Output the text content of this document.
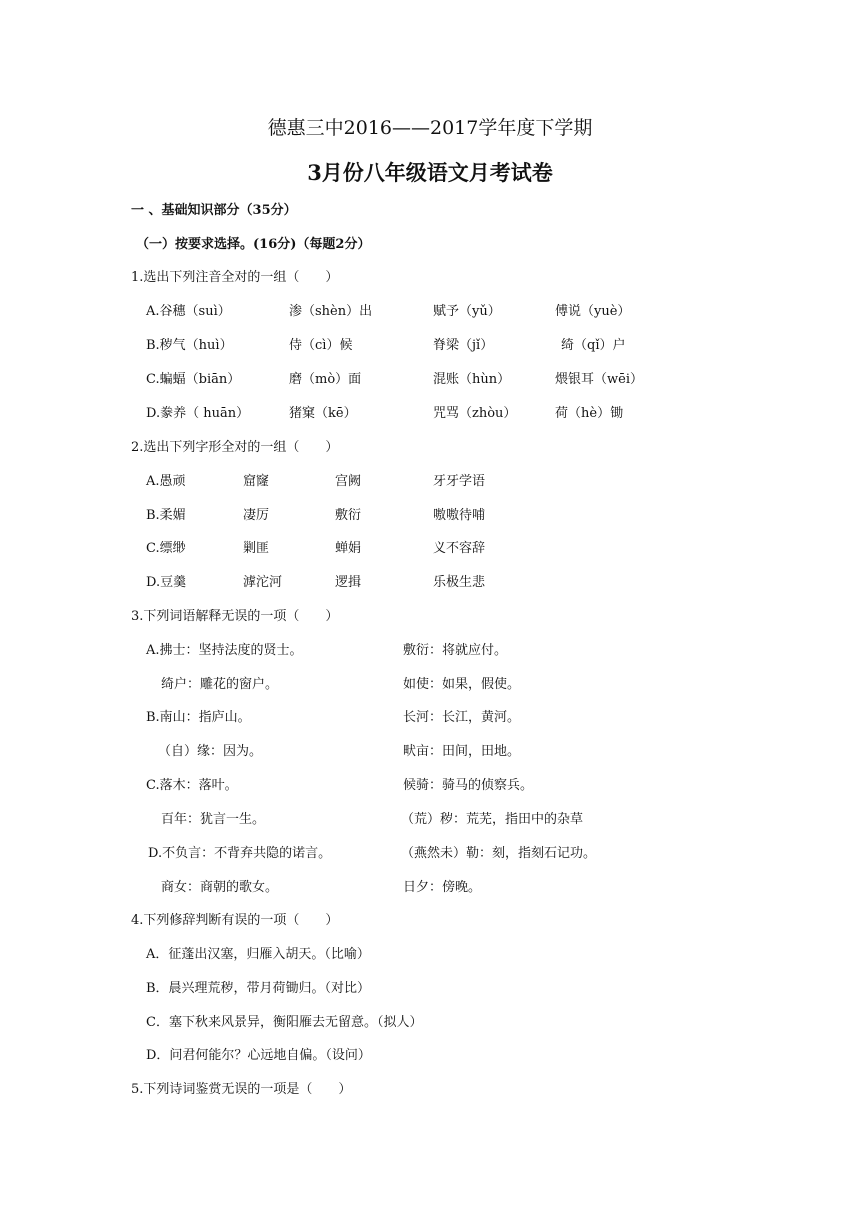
德惠三中2016——2017学年度下学期
3月份八年级语文月考试卷
一 、基础知识部分（35分）
（一）按要求选择。(16分)（每题2分）
1.选出下列注音全对的一组（　　）
A.谷穗（suì）	渗（shèn）出	赋予（yǔ）	傅说（yuè）
B.秽气（huì）	侍（cì）候	脊梁（jǐ）	绮（qǐ）户
C.蝙蝠（biān）	磨（mò）面	混账（hùn）	煨银耳（wēi）
D.豢养（ huān）	猪窠（kē）	咒骂（zhòu）	荷（hè）锄
2.选出下列字形全对的一组（　　）
A.愚顽	窟窿	宫阙	牙牙学语
B.柔媚	凄厉	敷衍	嗷嗷待哺
C.缥缈	剿匪	蝉娟	义不容辞
D.豆羹	滹沱河	逻揖	乐极生悲
3.下列词语解释无误的一项（　　）
A.拂士：坚持法度的贤士。	敷衍：将就应付。
绮户：雕花的窗户。	如使：如果，假使。
B.南山：指庐山。	长河：长江，黄河。
（自）缘：因为。	畎亩：田间，田地。
C.落木：落叶。	候骑：骑马的侦察兵。
百年：犹言一生。	（荒）秽：荒芜，指田中的杂草
D.不负言：不背弃共隐的诺言。	（燕然未）勒：刻，指刻石记功。
商女：商朝的歌女。	日夕：傍晚。
4.下列修辞判断有误的一项（　　）
A．征蓬出汉塞，归雁入胡天。（比喻）
B．晨兴理荒秽，带月荷锄归。（对比）
C．塞下秋来风景异，衡阳雁去无留意。（拟人）
D．问君何能尔？心远地自偏。（设问）
5.下列诗词鉴赏无误的一项是（　　）
